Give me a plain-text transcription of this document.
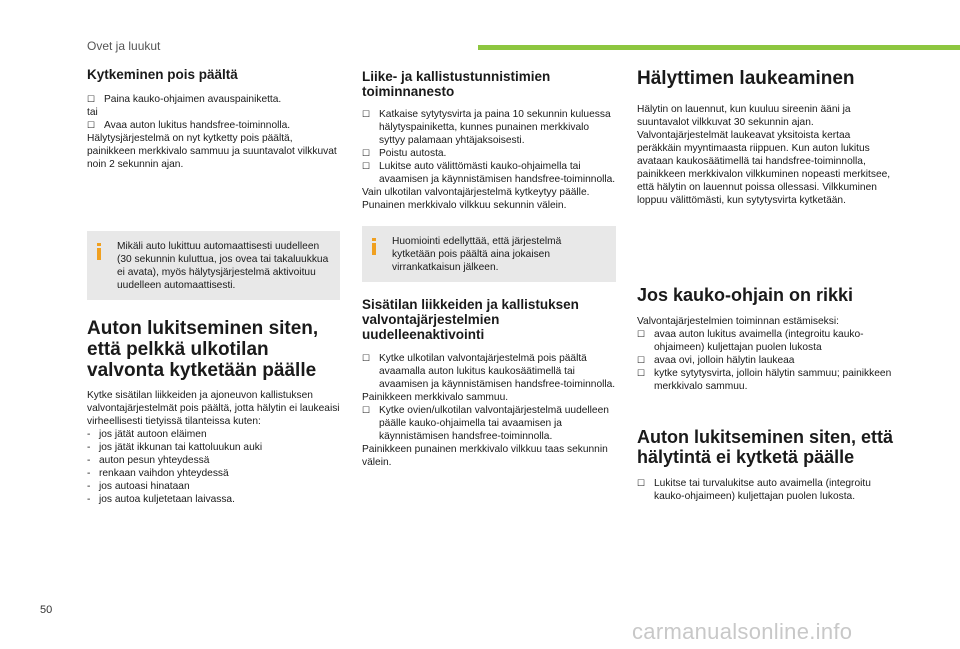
Ovet ja luukut
Kytkeminen pois päältä

☐ Paina kauko-ohjaimen avauspainiketta.

tai

☐ Avaa auton lukitus handsfree-toiminnolla.

Hälytysjärjestelmä on nyt kytketty pois päältä, painikkeen merkkivalo sammuu ja suuntavalot vilkkuvat noin 2 sekunnin ajan.

Mikäli auto lukittuu automaattisesti uudelleen (30 sekunnin kuluttua, jos ovea tai takaluukkua ei avata), myös hälytysjärjestelmä aktivoituu uudelleen automaattisesti.

Auton lukitseminen siten, että pelkkä ulkotilan valvonta kytketään päälle

Kytke sisätilan liikkeiden ja ajoneuvon kallistuksen valvontajärjestelmät pois päältä, jotta hälytin ei laukeaisi virheellisesti tietyissä tilanteissa kuten:

- jos jätät autoon eläimen

- jos jätät ikkunan tai kattoluukun auki

- auton pesun yhteydessä

- renkaan vaihdon yhteydessä

- jos autoasi hinataan

- jos autoa kuljetetaan laivassa.

Liike- ja kallistustunnistimien toiminnanesto

☐ Katkaise sytytysvirta ja paina 10 sekunnin kuluessa hälytyspainiketta, kunnes punainen merkkivalo syttyy palamaan yhtäjaksoisesti.

☐ Poistu autosta.

☐ Lukitse auto välittömästi kauko-ohjaimella tai avaamisen ja käynnistämisen handsfree-toiminnolla.

Vain ulkotilan valvontajärjestelmä kytkeytyy päälle. Punainen merkkivalo vilkkuu sekunnin välein.

Huomiointi edellyttää, että järjestelmä kytketään pois päältä aina jokaisen virrankatkaisun jälkeen.

Sisätilan liikkeiden ja kallistuksen valvontajärjestelmien uudelleenaktivointi

☐ Kytke ulkotilan valvontajärjestelmä pois päältä avaamalla auton lukitus kaukosäätimellä tai avaamisen ja käynnistämisen handsfree-toiminnolla.

Painikkeen merkkivalo sammuu.

☐ Kytke ovien/ulkotilan valvontajärjestelmä uudelleen päälle kauko-ohjaimella tai avaamisen ja käynnistämisen handsfree-toiminnolla.

Painikkeen punainen merkkivalo vilkkuu taas sekunnin välein.

Hälyttimen laukeaminen

Hälytin on lauennut, kun kuuluu sireenin ääni ja suuntavalot vilkkuvat 30 sekunnin ajan. Valvontajärjestelmät laukeavat yksitoista kertaa peräkkäin myyntimaasta riippuen. Kun auton lukitus avataan kaukosäätimellä tai handsfree-toiminnolla, painikkeen merkkivalon vilkkuminen nopeasti merkitsee, että hälytin on lauennut poissa ollessasi. Vilkkuminen loppuu välittömästi, kun sytytysvirta kytketään.

Jos kauko-ohjain on rikki

Valvontajärjestelmien toiminnan estämiseksi:

☐ avaa auton lukitus avaimella (integroitu kauko-ohjaimeen) kuljettajan puolen lukosta

☐ avaa ovi, jolloin hälytin laukeaa

☐ kytke sytytysvirta, jolloin hälytin sammuu; painikkeen merkkivalo sammuu.

Auton lukitseminen siten, että hälytintä ei kytketä päälle

☐ Lukitse tai turvalukitse auto avaimella (integroitu kauko-ohjaimeen) kuljettajan puolen lukosta.

50
carmanualsonline.info
